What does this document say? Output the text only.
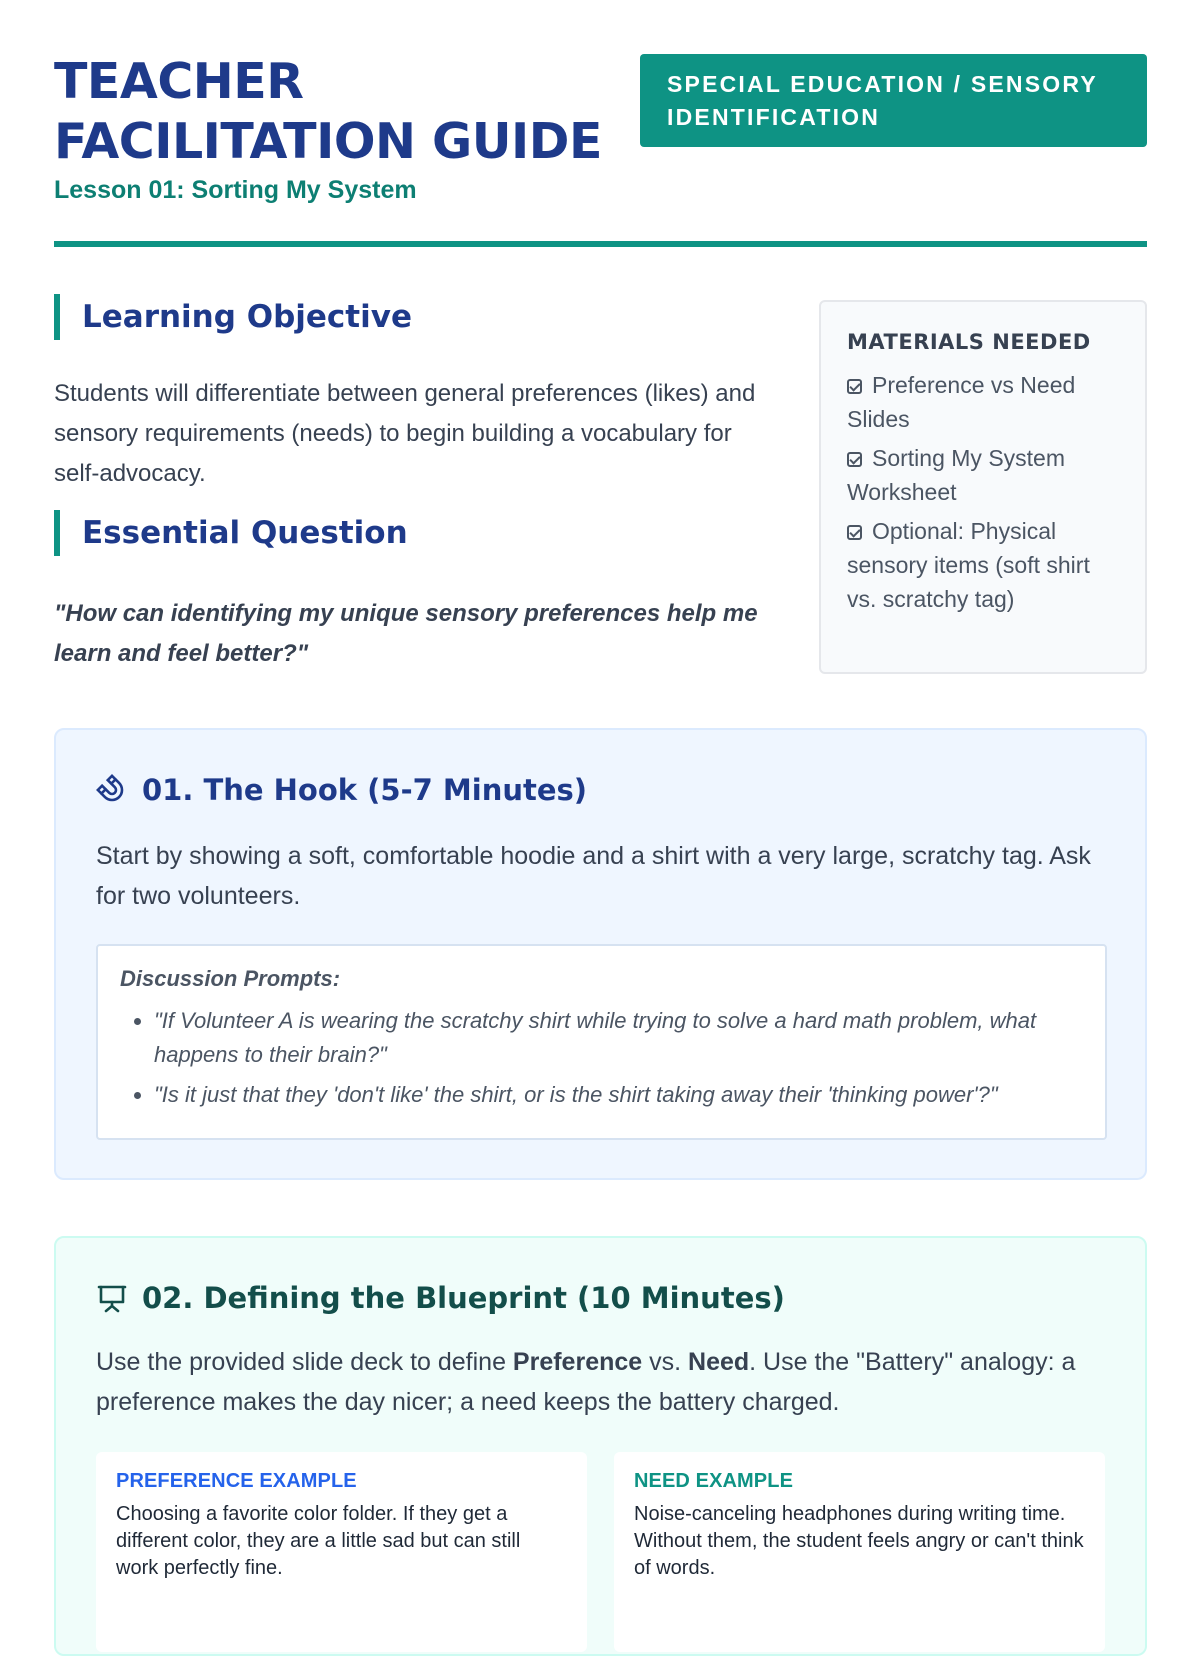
TEACHER FACILITATION GUIDE
Lesson 01: Sorting My System
SPECIAL EDUCATION / SENSORY IDENTIFICATION
Learning Objective

Students will differentiate between general preferences (likes) and sensory requirements (needs) to begin building a vocabulary for self-advocacy.

Essential Question

"How can identifying my unique sensory preferences help me learn and feel better?"

MATERIALS NEEDED
Preference vs Need Slides
Sorting My System Worksheet
Optional: Physical sensory items (soft shirt vs. scratchy tag)
01. The Hook (5-7 Minutes)

Start by showing a soft, comfortable hoodie and a shirt with a very large, scratchy tag. Ask for two volunteers.

Discussion Prompts:
• "If Volunteer A is wearing the scratchy shirt while trying to solve a hard math problem, what happens to their brain?"
• "Is it just that they 'don't like' the shirt, or is the shirt taking away their 'thinking power'?"
02. Defining the Blueprint (10 Minutes)

Use the provided slide deck to define Preference vs. Need. Use the "Battery" analogy: a preference makes the day nicer; a need keeps the battery charged.

PREFERENCE EXAMPLE

Choosing a favorite color folder. If they get a different color, they are a little sad but can still work perfectly fine.

NEED EXAMPLE

Noise-canceling headphones during writing time. Without them, the student feels angry or can't think of words.
